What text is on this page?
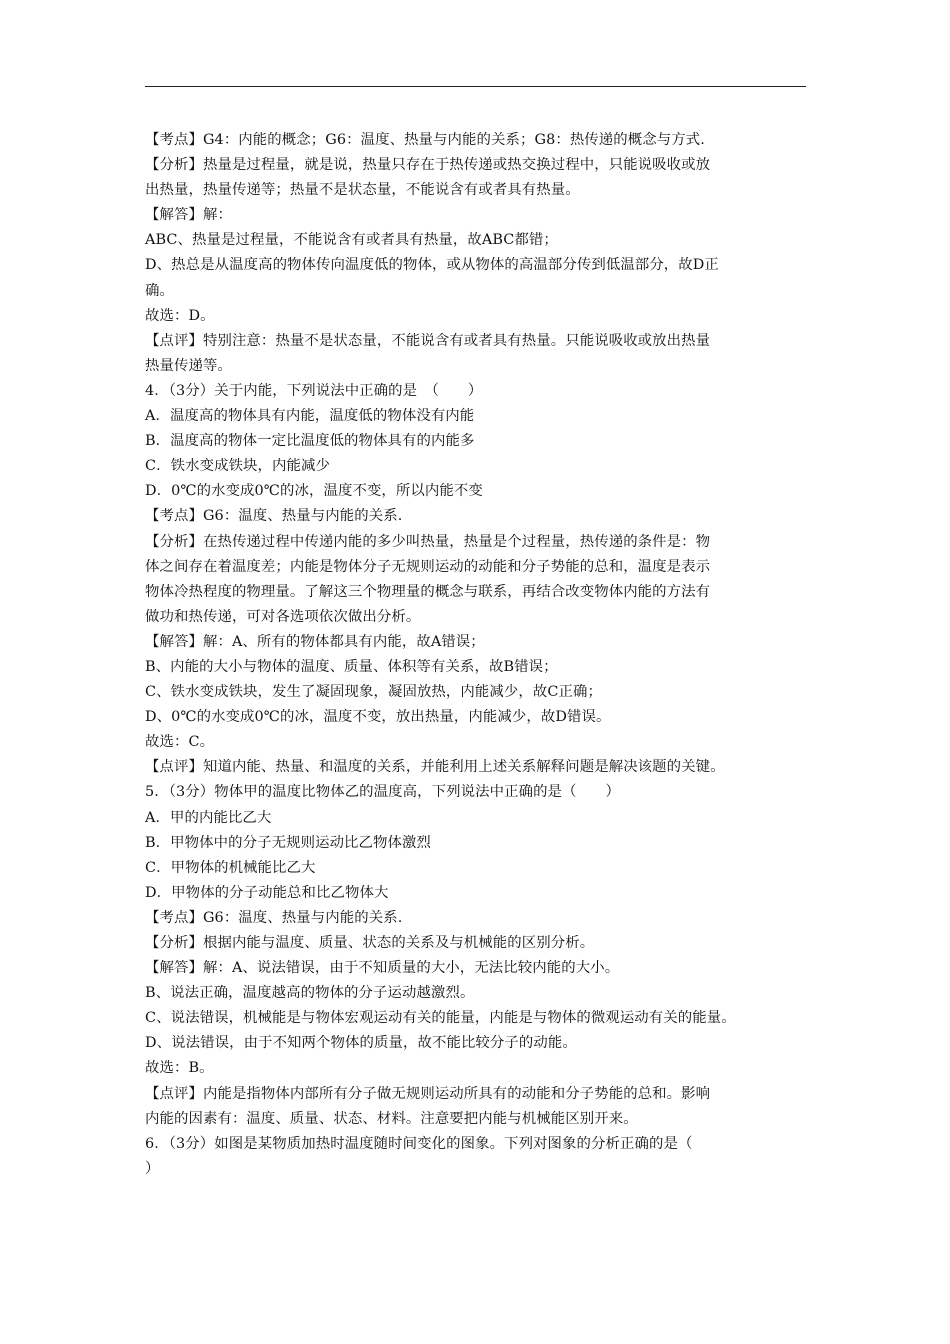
【考点】G4：内能的概念；G6：温度、热量与内能的关系；G8：热传递的概念与方式.
【分析】热量是过程量，就是说，热量只存在于热传递或热交换过程中，只能说吸收或放
出热量，热量传递等；热量不是状态量，不能说含有或者具有热量。
【解答】解：
ABC、热量是过程量，不能说含有或者具有热量，故ABC都错；
D、热总是从温度高的物体传向温度低的物体，或从物体的高温部分传到低温部分，故D正
确。
故选：D。
【点评】特别注意：热量不是状态量，不能说含有或者具有热量。只能说吸收或放出热量
热量传递等。
4．（3分）关于内能，下列说法中正确的是　（　　）
A．温度高的物体具有内能，温度低的物体没有内能
B．温度高的物体一定比温度低的物体具有的内能多
C．铁水变成铁块，内能减少
D．0℃的水变成0℃的冰，温度不变，所以内能不变
【考点】G6：温度、热量与内能的关系.
【分析】在热传递过程中传递内能的多少叫热量，热量是个过程量，热传递的条件是：物
体之间存在着温度差；内能是物体分子无规则运动的动能和分子势能的总和，温度是表示
物体冷热程度的物理量。了解这三个物理量的概念与联系，再结合改变物体内能的方法有
做功和热传递，可对各选项依次做出分析。
【解答】解：A、所有的物体都具有内能，故A错误；
B、内能的大小与物体的温度、质量、体积等有关系，故B错误；
C、铁水变成铁块，发生了凝固现象，凝固放热，内能减少，故C正确；
D、0℃的水变成0℃的冰，温度不变，放出热量，内能减少，故D错误。
故选：C。
【点评】知道内能、热量、和温度的关系，并能利用上述关系解释问题是解决该题的关键。
5．（3分）物体甲的温度比物体乙的温度高，下列说法中正确的是（　　）
A．甲的内能比乙大
B．甲物体中的分子无规则运动比乙物体激烈
C．甲物体的机械能比乙大
D．甲物体的分子动能总和比乙物体大
【考点】G6：温度、热量与内能的关系.
【分析】根据内能与温度、质量、状态的关系及与机械能的区别分析。
【解答】解：A、说法错误，由于不知质量的大小，无法比较内能的大小。
B、说法正确，温度越高的物体的分子运动越激烈。
C、说法错误，机械能是与物体宏观运动有关的能量，内能是与物体的微观运动有关的能量。
D、说法错误，由于不知两个物体的质量，故不能比较分子的动能。
故选：B。
【点评】内能是指物体内部所有分子做无规则运动所具有的动能和分子势能的总和。影响
内能的因素有：温度、质量、状态、材料。注意要把内能与机械能区别开来。
6．（3分）如图是某物质加热时温度随时间变化的图象。下列对图象的分析正确的是（
）
